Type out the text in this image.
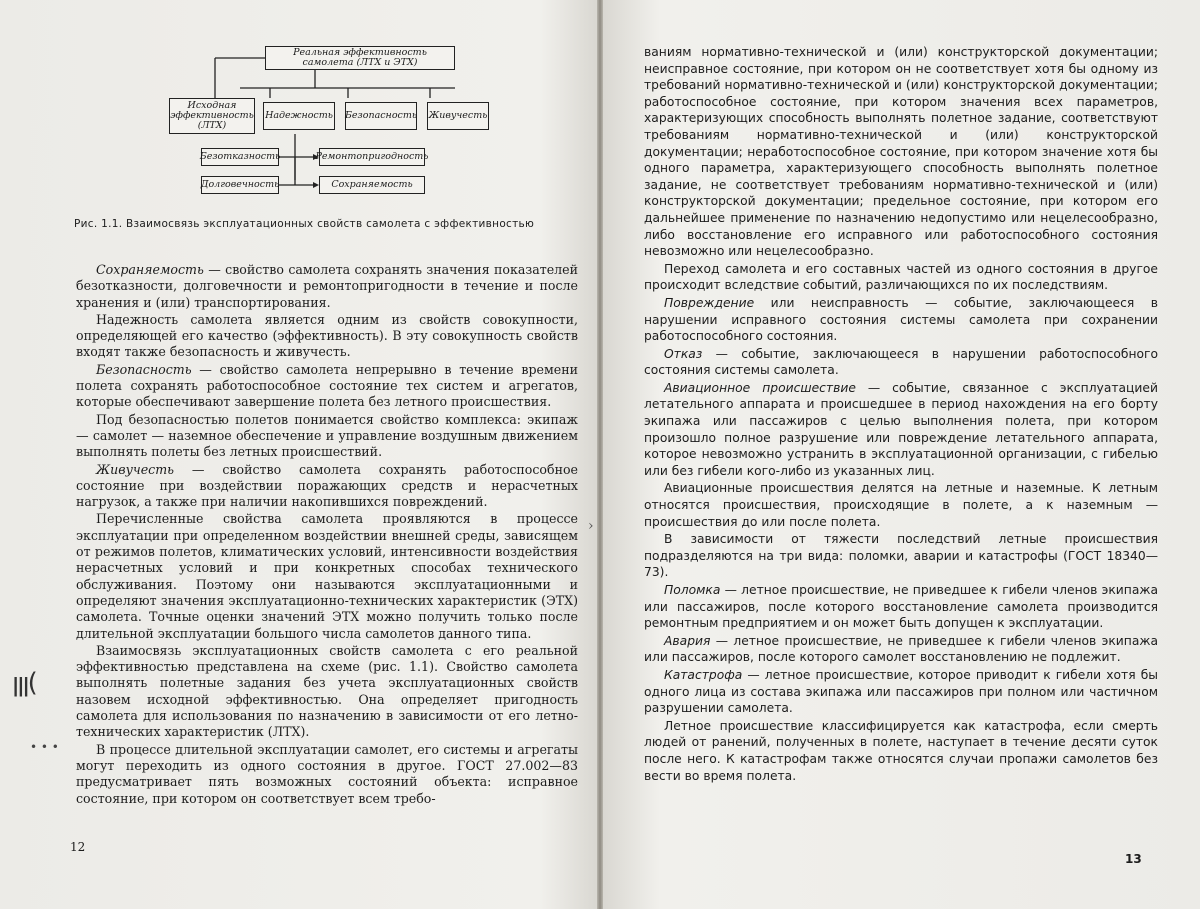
Реальная эффективность самолета (ЛТХ и ЭТХ)
Исходная эффективность (ЛТХ)
Надежность Безопасность Живучесть
Безотказность	Ремонтопригодность
Долговечность	Сохраняемость
Рис. 1.1. Взаимосвязь эксплуатационных свойств самолета с эффективностью

Сохраняемость — свойство самолета сохранять значения показателей безотказности, долговечности и ремонтопригодности в течение и после хранения и (или) транспортирования.

Надежность самолета является одним из свойств совокупности, определяющей его качество (эффективность). В эту совокупность свойств входят также безопасность и живучесть.

Безопасность — свойство самолета непрерывно в течение времени полета сохранять работоспособное состояние тех систем и агрегатов, которые обеспечивают завершение полета без летного происшествия.

Под безопасностью полетов понимается свойство комплекса: экипаж — самолет — наземное обеспечение и управление воздушным движением выполнять полеты без летных происшествий.

Живучесть — свойство самолета сохранять работоспособное состояние при воздействии поражающих средств и нерасчетных нагрузок, а также при наличии накопившихся повреждений.

Перечисленные свойства самолета проявляются в процессе эксплуатации при определенном воздействии внешней среды, зависящем от режимов полетов, климатических условий, интенсивности воздействия нерасчетных условий и при конкретных способах технического обслуживания. Поэтому они называются эксплуатационными и определяют значения эксплуатационно-технических характеристик (ЭТХ) самолета. Точные оценки значений ЭТХ можно получить только после длительной эксплуатации большого числа самолетов данного типа.

Взаимосвязь эксплуатационных свойств самолета с его реальной эффективностью представлена на схеме (рис. 1.1). Свойство самолета выполнять полетные задания без учета эксплуатационных свойств назовем исходной эффективностью. Она определяет пригодность самолета для использования по назначению в зависимости от его летно-технических характеристик (ЛТХ).

В процессе длительной эксплуатации самолет, его системы и агрегаты могут переходить из одного состояния в другое. ГОСТ 27.002—83 предусматривает пять возможных состояний объекта: исправное состояние, при котором он соответствует всем требо-

ꞁꞁꞁ(
• • •
›
12

ваниям нормативно-технической и (или) конструкторской документации; неисправное состояние, при котором он не соответствует хотя бы одному из требований нормативно-технической и (или) конструкторской документации; работоспособное состояние, при котором значения всех параметров, характеризующих способность выполнять полетное задание, соответствуют требованиям нормативно-технической и (или) конструкторской документации; неработоспособное состояние, при котором значение хотя бы одного параметра, характеризующего способность выполнять полетное задание, не соответствует требованиям нормативно-технической и (или) конструкторской документации; предельное состояние, при котором его дальнейшее применение по назначению недопустимо или нецелесообразно, либо восстановление его исправного или работоспособного состояния невозможно или нецелесообразно.

Переход самолета и его составных частей из одного состояния в другое происходит вследствие событий, различающихся по их последствиям.

Повреждение или неисправность — событие, заключающееся в нарушении исправного состояния системы самолета при сохранении работоспособного состояния.

Отказ — событие, заключающееся в нарушении работоспособного состояния системы самолета.

Авиационное происшествие — событие, связанное с эксплуатацией летательного аппарата и происшедшее в период нахождения на его борту экипажа или пассажиров с целью выполнения полета, при котором произошло полное разрушение или повреждение летательного аппарата, которое невозможно устранить в эксплуатационной организации, с гибелью или без гибели кого-либо из указанных лиц.

Авиационные происшествия делятся на летные и наземные. К летным относятся происшествия, происходящие в полете, а к наземным — происшествия до или после полета.

В зависимости от тяжести последствий летные происшествия подразделяются на три вида: поломки, аварии и катастрофы (ГОСТ 18340—73).

Поломка — летное происшествие, не приведшее к гибели членов экипажа или пассажиров, после которого восстановление самолета производится ремонтным предприятием и он может быть допущен к эксплуатации.

Авария — летное происшествие, не приведшее к гибели членов экипажа или пассажиров, после которого самолет восстановлению не подлежит.

Катастрофа — летное происшествие, которое приводит к гибели хотя бы одного лица из состава экипажа или пассажиров при полном или частичном разрушении самолета.

Летное происшествие классифицируется как катастрофа, если смерть людей от ранений, полученных в полете, наступает в течение десяти суток после него. К катастрофам также относятся случаи пропажи самолетов без вести во время полета.

13
